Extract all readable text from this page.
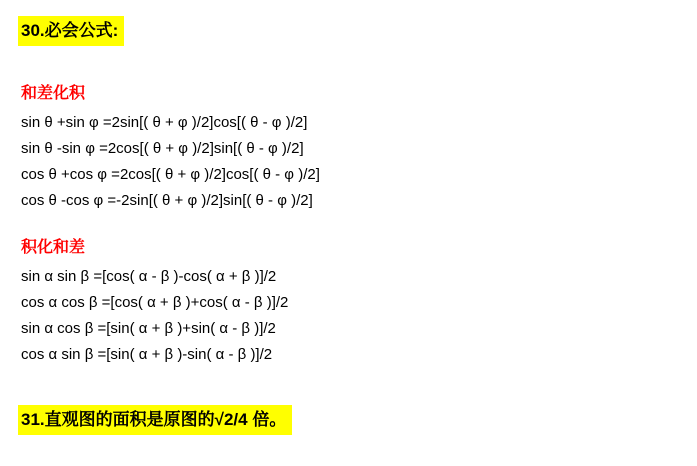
30.必会公式:
和差化积
sin θ +sin φ =2sin[( θ + φ )/2]cos[( θ - φ )/2]
sin θ -sin φ =2cos[( θ + φ )/2]sin[( θ - φ )/2]
cos θ +cos φ =2cos[( θ + φ )/2]cos[( θ - φ )/2]
cos θ -cos φ =-2sin[( θ + φ )/2]sin[( θ - φ )/2]
积化和差
sin α sin β =[cos( α - β )-cos( α + β )]/2
cos α cos β =[cos( α + β )+cos( α - β )]/2
sin α cos β =[sin( α + β )+sin( α - β )]/2
cos α sin β =[sin( α + β )-sin( α - β )]/2
31.直观图的面积是原图的√2/4 倍。
